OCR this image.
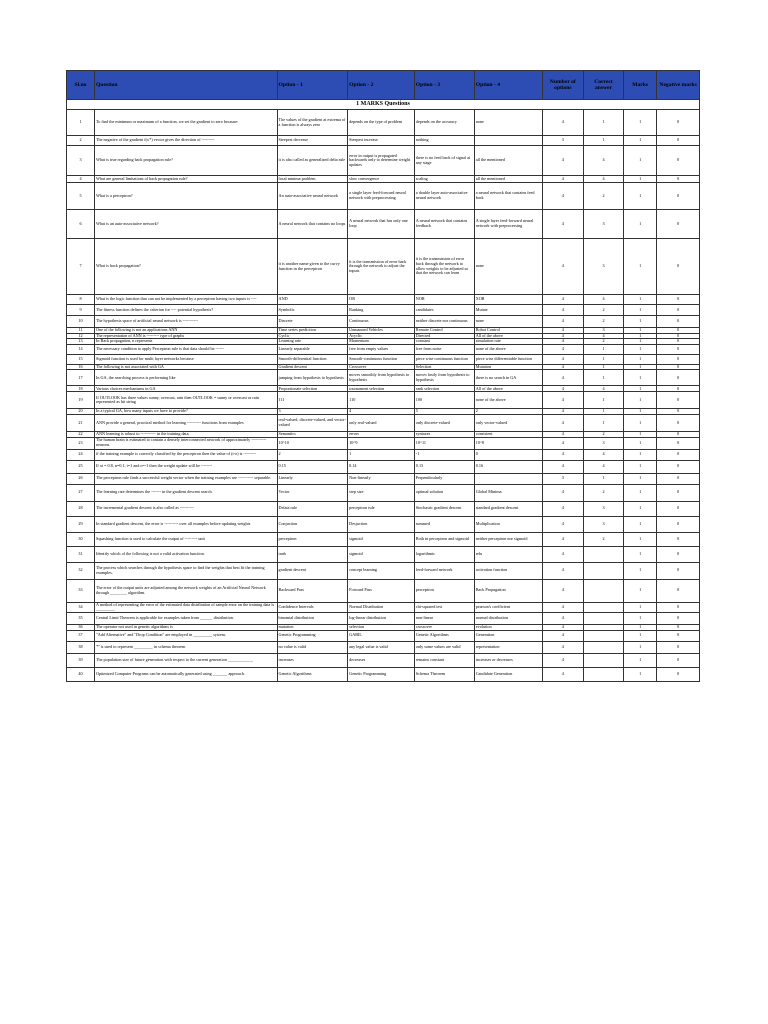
Sl.no	Question	Option - 1	Option - 2	Option - 3	Option - 4	Number of options	Correct answer	Marks	Negative marks
1 MARKS Questions									
1	To find the minimum or maximum of a function, we set the gradient to zero because:	The values of the gradient at extrema of a function is always zero	depends on the type of problem	depends on the accuracy	none	4	1	1	0
2	The negative of the gradient f(x*) vector gives the direction of ---------	Steepest decrease	Steepest increase	nothing		3	1	1	0
3	What is true regarding back propagation rule?	it is also called as generalized delta rule	error in output is propagated backwards only to determine weight updates	there is no feed back of signal at any stage	all the mentioned	4	4	1	0
4	What are general limitations of back propagation rule?	local minima problem	slow convergence	scaling	all the mentioned	4	4	1	0
5	What is a perceptron?	An auto-associative neural network	a single layer feed-forward neural network with preprocessing	a double layer auto-associative neural network	a neural network that contains feed back	4	2	1	0
6	What is an auto-associative network?	A neural network that contains no loops	A neural network that has only one loop	A neural network that contains feedback	A single layer feed-forward neural network with preprocessing	4	3	1	0
7	What is back propagation?	it is another name given to the curvy function in the perceptron	it is the transmission of error back through the network to adjust the inputs	it is the transmission of error back through the network to allow weights to be adjusted so that the network can learn	none	4	3	1	0
8	What is the logic function that can not be implemented by a perceptron having two inputs is ----	AND	OR	NOR	XOR	4	4	1	0
9	The fitness function defines the criterion for ---- potential hypothesis?	Symbolic	Ranking	candidates	Mutate	4	2	1	0
10	The hypothesis space of artificial neural network is -----------	Discrete	Continuous	neither discrete nor continuous	none	4	2	1	0
11	One of the following is not an applications ANN	Time series prediction	Unmanned Vehicles	Remote Control	Robot Control	4	3	1	0
12	The representation of ANN is --------- type of graphs	Cyclic	Acyclic	Directed	All of the above	4	4	1	0
13	In Back propagation, n represents	Learning rate	Momentum	constant	simulation rate	4	2	1	0
14	The necessary condition to apply Perceptron rule is that data should be ------	Linearly separable	free from empty values	free from noise	none of the above	4	1	1	0
15	Sigmoid function is used for multi layer networks because	Smooth-differential function	Smooth-continuous function	piece wise continuous function	piece wise differentiable function	4	1	1	0
16	The following is not associated with GA	Gradient descent	Crossover	Selection	Mutation	4	1	1	0
17	In GA, the searching process is performing like	jumping from hypothesis to hypothesis	moves smoothly from hypothesis to hypothesis	moves fastly from hypothesis to hypothesis	there is no search in GA	4	1	1	0
18	Various choices mechanisms in GA	Proportionate selection	tournament selection	rank selection	All of the above	4	4	1	0
19	If OUTLOOK has three values sunny, overcast, rain then OUTLOOK = sunny or overcast or rain represented as bit string	111	110	100	none of the above	4	1	1	0
20	In a typical GA, how many inputs we have to provide?	3	4	5	2	4	1	1	0
21	ANN provide a general, practical method for learning ---------- functions from examples	real-valued, discrete-valued, and vector-valued	only real-valued	only discrete-valued	only vector-valued	4	1	1	0
22	ANN learning is robust to ----------- in the training data.	Semantics	errors	syntaxes	consistent	4	2	1	0
23	The human brain is estimated to contain a densely interconnected network of approximately ----------- neurons.	10^10	10^9	10^11	10^8	4	3	1	0
24	if the training example is correctly classified by the perceptron then the value of (t-o) is ---------	2	1	-1	0	4	4	1	0
25	If xi = 0.8, n=0.1, t=1 and o=-1 then the weight update will be --------	0.15	0.14	0.13	0.16	4	4	1	0
26	The perceptron rule finds a successful weight vector when the training examples are ----------- separable.	Linearly	Non-linearly	Perpendicularly		3	1	1	0
27	The learning rate determines the ------- in the gradient descent search.	Vector	step size	optimal solution	Global Minima	4	2	1	0
28	The incremental gradient descent is also called as ----------	Delata rule	perceptron rule	Stochastic gradient descent	standard gradient descent	4	3	1	0
29	In standard gradient descent, the error is ---------- over all examples before updating weights	Conjuction	Desjuction	summed	Multiplication	4	3	1	0
30	Squashing function is used to calculate the output of --------- unit	perceptron	sigmoid	Both in perceptron and sigmoid	neither perceptron nor sigmoid	4	2	1	0
31	Identify which of the following is not a valid activation function.	tanh	sigmoid	logarithmic	relu	4		1	0
32	The process which searches through the hypothesis space to find the weights that best fit the training examples.	gradient descent	concept learning	feed-forward network	activation function	4		1	0
33	The error of the output units are adjusted among the network weights of an Artificial Neural Network through ________ algorithm.	Backward Pass	Forward Pass	perceptron	Back Propagation	4		1	0
34	A method of representing the error of the estimated data distribution of sample error on the training data is _________	Confidence Intervals	Normal Distribution	chi-squared test	pearson's coefficient	4		1	0
35	Central Limit Theorem is applicable for examples taken from ______ distribution.	binomial distribution	log-linear distribution	non-linear	normal distribution	4		1	0
36	The operator not used in genetic algorithms is	mutation	selection	crossover	evolution	4		1	0
37	"Add Alternative" and "Drop Condition" are employed in _________ system.	Genetic Programming	GABIL	Genetic Algorithms	Generation	4		1	0
38	'*' is used to represent _________ in schema theorem	no value is valid	any legal value is valid	only some values are valid	representation	4		1	0
39	The population size of future generation with respect to the current generation ____________	increases	decreases	remains constant	increases or decreases	4		1	0
40	Optimized Computer Programs can be automatically generated using _______ approach.	Genetic Algorithms	Genetic Programming	Schema Theorem	Candidate Generation	4		1	0
